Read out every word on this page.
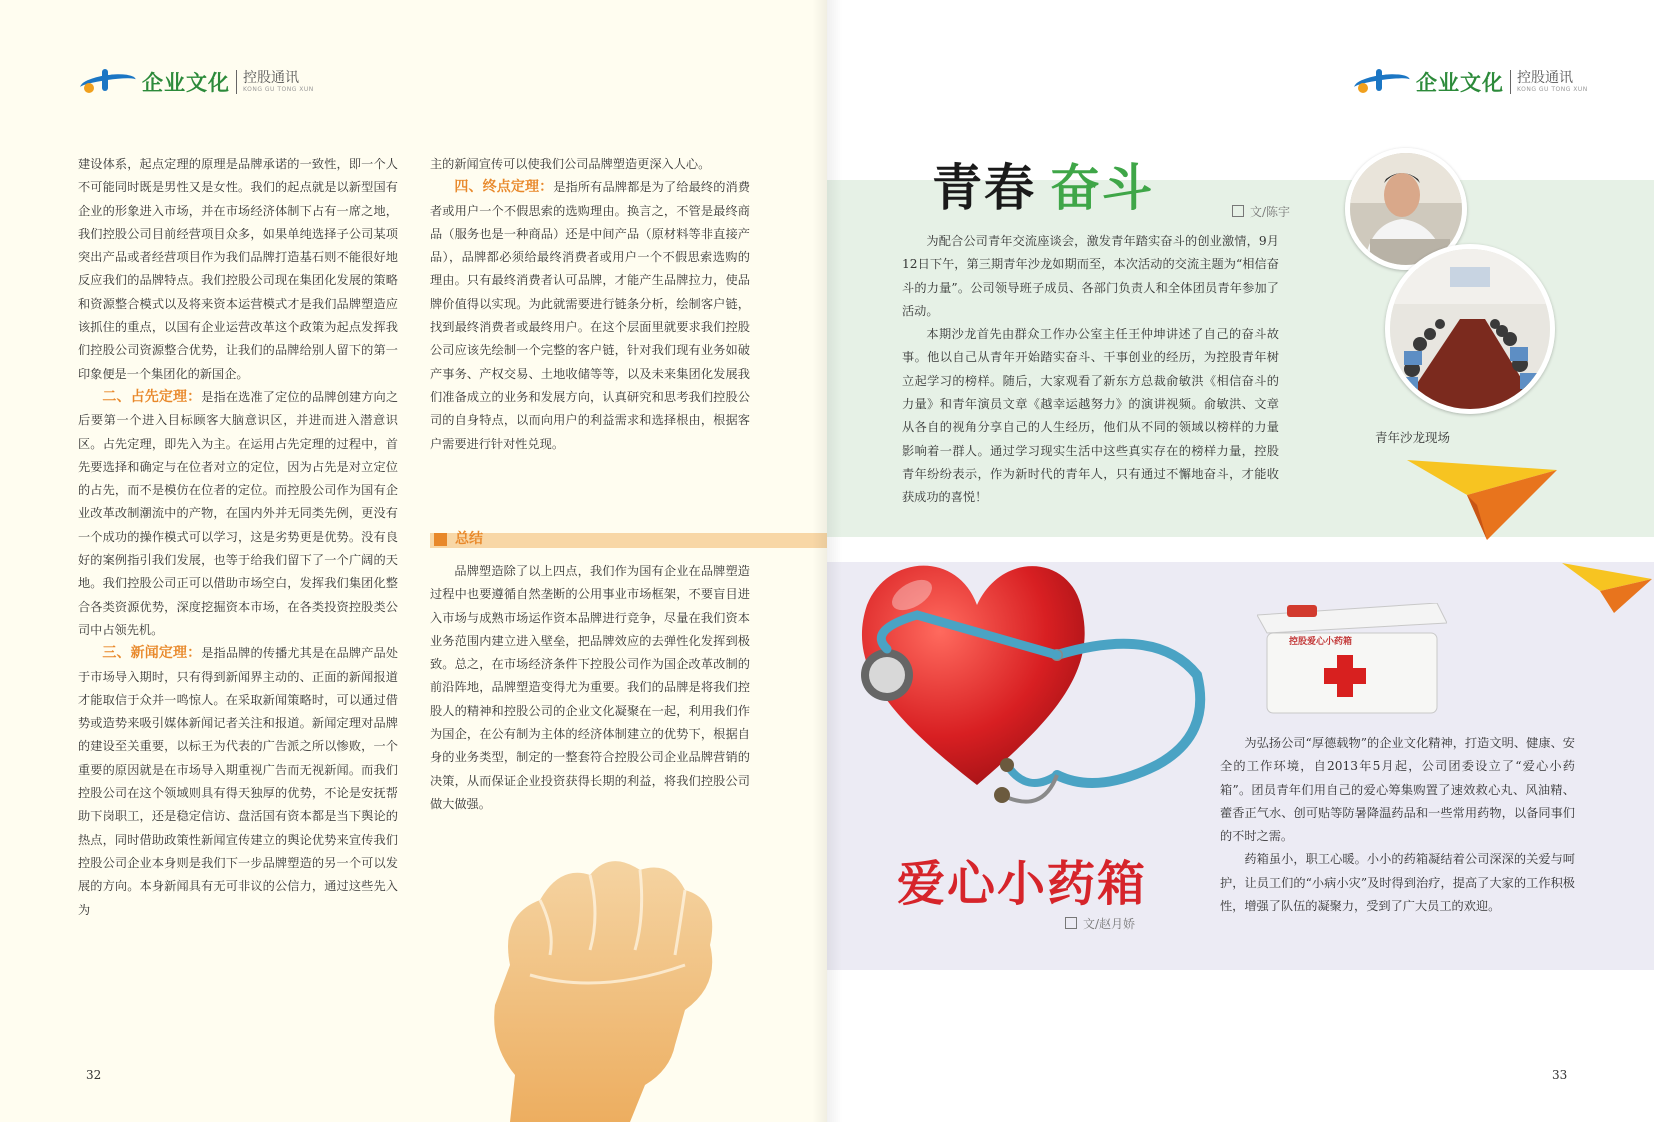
企业文化 控股通讯
KONG GU TONG XUN

建设体系，起点定理的原理是品牌承诺的一致性，即一个人不可能同时既是男性又是女性。我们的起点就是以新型国有企业的形象进入市场，并在市场经济体制下占有一席之地，我们控股公司目前经营项目众多，如果单纯选择子公司某项突出产品或者经营项目作为我们品牌打造基石则不能很好地反应我们的品牌特点。我们控股公司现在集团化发展的策略和资源整合模式以及将来资本运营模式才是我们品牌塑造应该抓住的重点，以国有企业运营改革这个政策为起点发挥我们控股公司资源整合优势，让我们的品牌给别人留下的第一印象便是一个集团化的新国企。

二、占先定理：是指在选准了定位的品牌创建方向之后要第一个进入目标顾客大脑意识区，并进而进入潜意识区。占先定理，即先入为主。在运用占先定理的过程中，首先要选择和确定与在位者对立的定位，因为占先是对立定位的占先，而不是模仿在位者的定位。而控股公司作为国有企业改革改制潮流中的产物，在国内外并无同类先例，更没有一个成功的操作模式可以学习，这是劣势更是优势。没有良好的案例指引我们发展，也等于给我们留下了一个广阔的天地。我们控股公司正可以借助市场空白，发挥我们集团化整合各类资源优势，深度挖掘资本市场，在各类投资控股类公司中占领先机。

三、新闻定理：是指品牌的传播尤其是在品牌产品处于市场导入期时，只有得到新闻界主动的、正面的新闻报道才能取信于众并一鸣惊人。在采取新闻策略时，可以通过借势或造势来吸引媒体新闻记者关注和报道。新闻定理对品牌的建设至关重要，以标王为代表的广告派之所以惨败，一个重要的原因就是在市场导入期重视广告而无视新闻。而我们控股公司在这个领域则具有得天独厚的优势，不论是安抚帮助下岗职工，还是稳定信访、盘活国有资本都是当下舆论的热点，同时借助政策性新闻宣传建立的舆论优势来宣传我们控股公司企业本身则是我们下一步品牌塑造的另一个可以发展的方向。本身新闻具有无可非议的公信力，通过这些先入为

主的新闻宣传可以使我们公司品牌塑造更深入人心。

四、终点定理：是指所有品牌都是为了给最终的消费者或用户一个不假思索的选购理由。换言之，不管是最终商品（服务也是一种商品）还是中间产品（原材料等非直接产品），品牌都必须给最终消费者或用户一个不假思索选购的理由。只有最终消费者认可品牌，才能产生品牌拉力，使品牌价值得以实现。为此就需要进行链条分析，绘制客户链，找到最终消费者或最终用户。在这个层面里就要求我们控股公司应该先绘制一个完整的客户链，针对我们现有业务如破产事务、产权交易、土地收储等等，以及未来集团化发展我们准备成立的业务和发展方向，认真研究和思考我们控股公司的自身特点，以而向用户的利益需求和选择根由，根据客户需要进行针对性兑现。

总结

品牌塑造除了以上四点，我们作为国有企业在品牌塑造过程中也要遵循自然垄断的公用事业市场框架，不要盲目进入市场与成熟市场运作资本品牌进行竞争，尽量在我们资本业务范围内建立进入壁垒，把品牌效应的去弹性化发挥到极致。总之，在市场经济条件下控股公司作为国企改革改制的前沿阵地，品牌塑造变得尤为重要。我们的品牌是将我们控股人的精神和控股公司的企业文化凝聚在一起，利用我们作为国企，在公有制为主体的经济体制建立的优势下，根据自身的业务类型，制定的一整套符合控股公司企业品牌营销的决策，从而保证企业投资获得长期的利益，将我们控股公司做大做强。

32
企业文化 控股通讯
KONG GU TONG XUN
青春 奋斗	文/陈宇

为配合公司青年交流座谈会，激发青年踏实奋斗的创业激情，9月12日下午，第三期青年沙龙如期而至，本次活动的交流主题为“相信奋斗的力量”。公司领导班子成员、各部门负责人和全体团员青年参加了活动。

本期沙龙首先由群众工作办公室主任王仲坤讲述了自己的奋斗故事。他以自己从青年开始踏实奋斗、干事创业的经历，为控股青年树立起学习的榜样。随后，大家观看了新东方总裁俞敏洪《相信奋斗的力量》和青年演员文章《越幸运越努力》的演讲视频。俞敏洪、文章从各自的视角分享自己的人生经历，他们从不同的领域以榜样的力量影响着一群人。通过学习现实生活中这些真实存在的榜样力量，控股青年纷纷表示，作为新时代的青年人，只有通过不懈地奋斗，才能收获成功的喜悦！

青年沙龙现场
控股爱心小药箱
爱心小药箱
文/赵月娇

为弘扬公司“厚德载物”的企业文化精神，打造文明、健康、安全的工作环境，自2013年5月起，公司团委设立了“爱心小药箱”。团员青年们用自己的爱心筹集购置了速效救心丸、风油精、藿香正气水、创可贴等防暑降温药品和一些常用药物，以备同事们的不时之需。

药箱虽小，职工心暖。小小的药箱凝结着公司深深的关爱与呵护，让员工们的“小病小灾”及时得到治疗，提高了大家的工作积极性，增强了队伍的凝聚力，受到了广大员工的欢迎。

33
